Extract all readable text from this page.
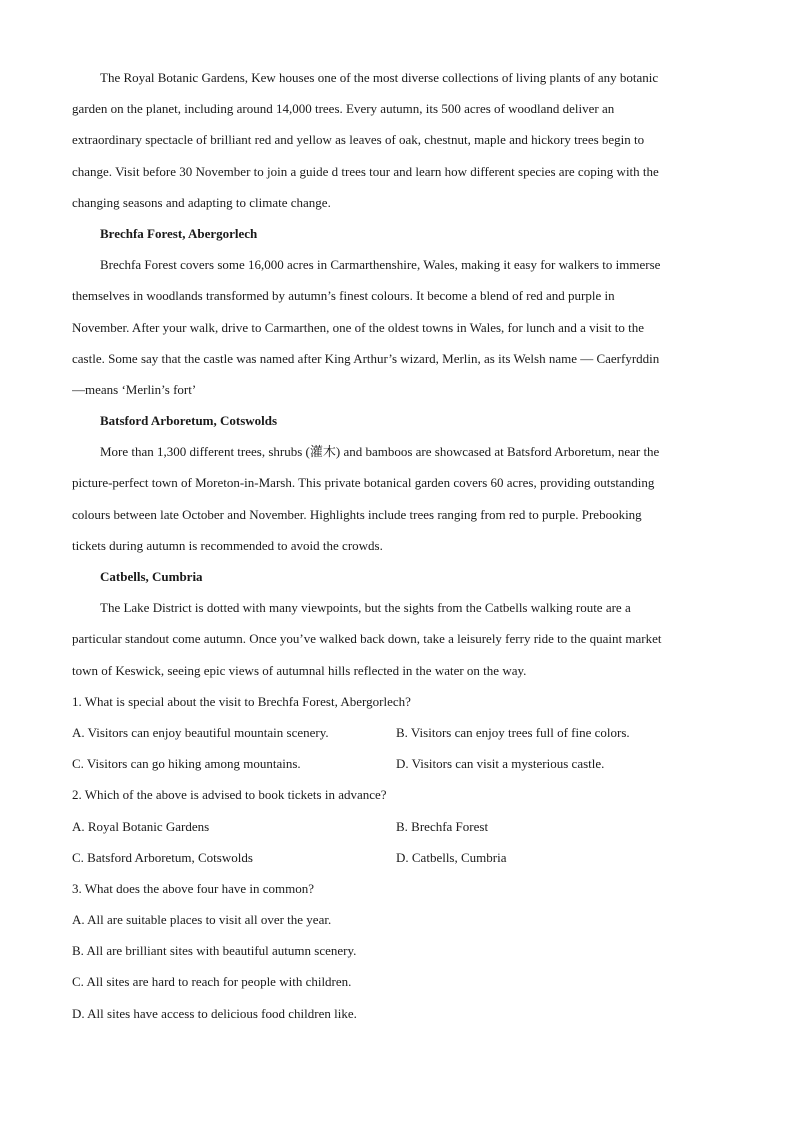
The Royal Botanic Gardens, Kew houses one of the most diverse collections of living plants of any botanic
garden on the planet, including around 14,000 trees. Every autumn, its 500 acres of woodland deliver an
extraordinary spectacle of brilliant red and yellow as leaves of oak, chestnut, maple and hickory trees begin to
change. Visit before 30 November to join a guide d trees tour and learn how different species are coping with the
changing seasons and adapting to climate change.
Brechfa Forest, Abergorlech
Brechfa Forest covers some 16,000 acres in Carmarthenshire, Wales, making it easy for walkers to immerse
themselves in woodlands transformed by autumn’s finest colours. It become a blend of red and purple in
November. After your walk, drive to Carmarthen, one of the oldest towns in Wales, for lunch and a visit to the
castle. Some say that the castle was named after King Arthur’s wizard, Merlin, as its Welsh name — Caerfyrddin
—means ‘Merlin’s fort’
Batsford Arboretum, Cotswolds
More than 1,300 different trees, shrubs (灌木) and bamboos are showcased at Batsford Arboretum, near the
picture-perfect town of Moreton-in-Marsh. This private botanical garden covers 60 acres, providing outstanding
colours between late October and November. Highlights include trees ranging from red to purple. Prebooking
tickets during autumn is recommended to avoid the crowds.
Catbells, Cumbria
The Lake District is dotted with many viewpoints, but the sights from the Catbells walking route are a
particular standout come autumn. Once you’ve walked back down, take a leisurely ferry ride to the quaint market
town of Keswick, seeing epic views of autumnal hills reflected in the water on the way.
1. What is special about the visit to Brechfa Forest, Abergorlech?
A. Visitors can enjoy beautiful mountain scenery.	B. Visitors can enjoy trees full of fine colors.
C. Visitors can go hiking among mountains.	D. Visitors can visit a mysterious castle.
2. Which of the above is advised to book tickets in advance?
A. Royal Botanic Gardens	B. Brechfa Forest
C. Batsford Arboretum, Cotswolds	D. Catbells, Cumbria
3. What does the above four have in common?
A. All are suitable places to visit all over the year.
B. All are brilliant sites with beautiful autumn scenery.
C. All sites are hard to reach for people with children.
D. All sites have access to delicious food children like.
